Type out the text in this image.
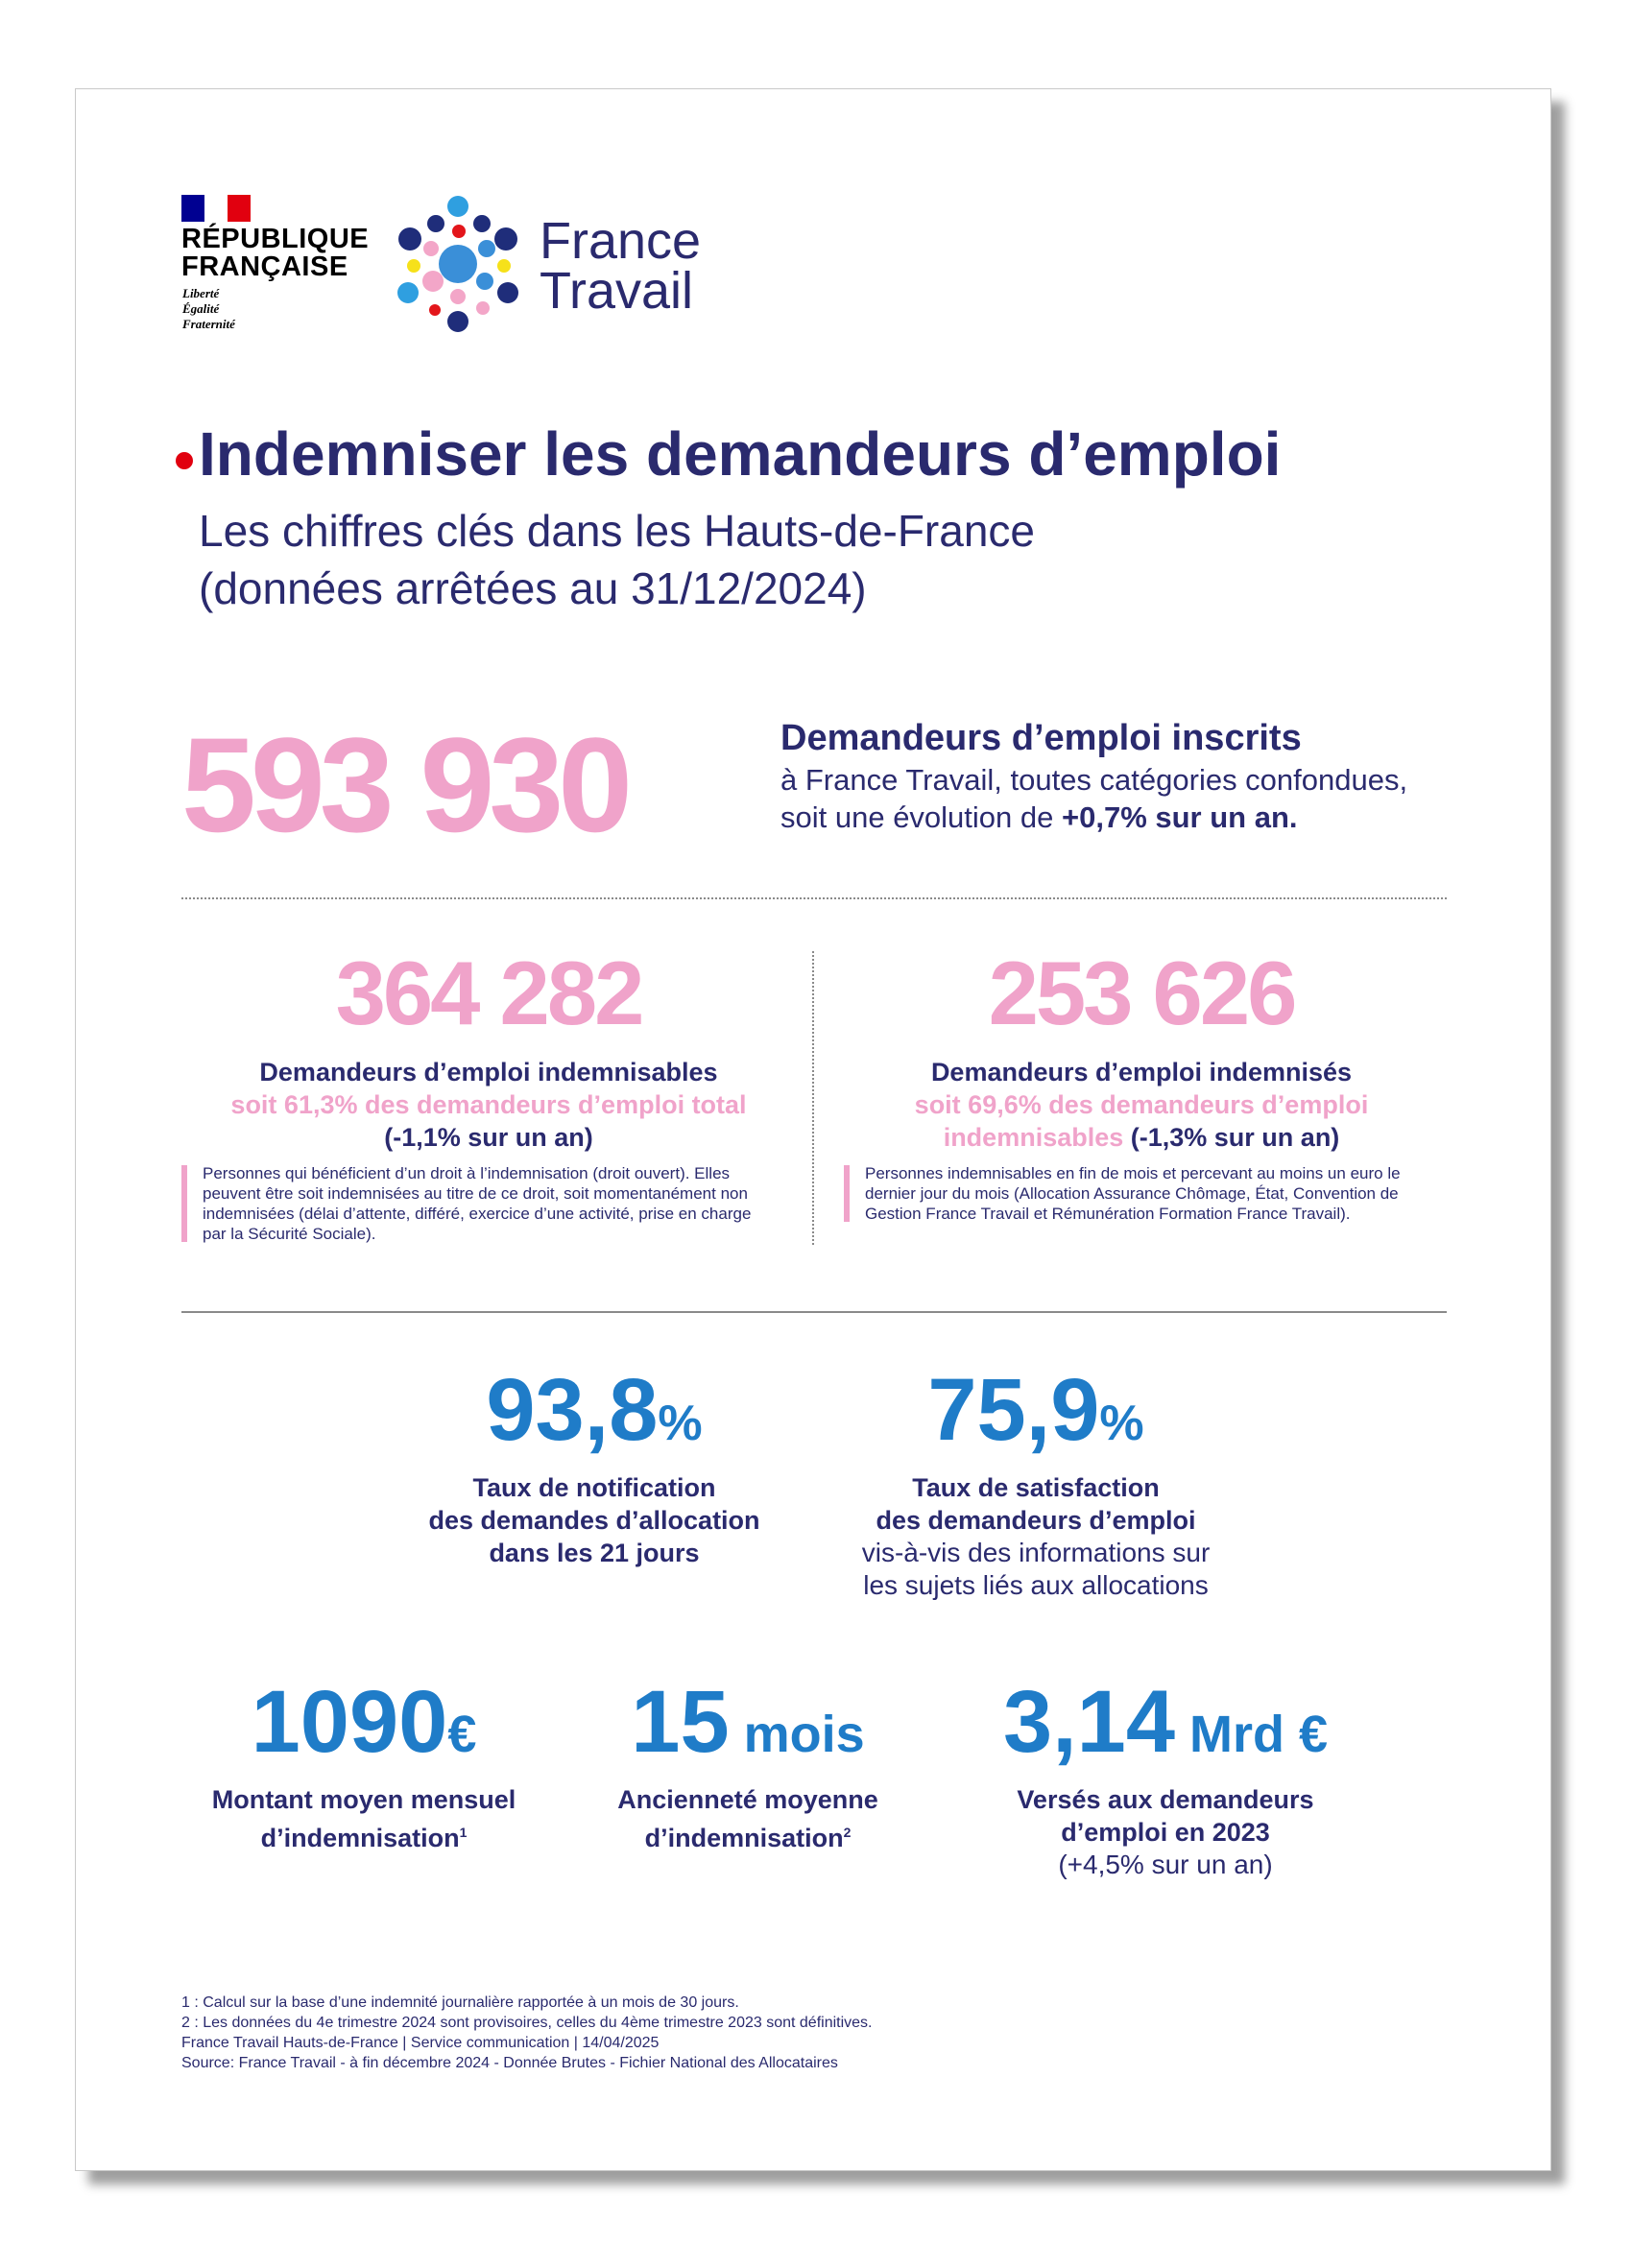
RÉPUBLIQUE
FRANÇAISE
Liberté
Égalité
Fraternité
France
Travail
Indemniser les demandeurs d’emploi
Les chiffres clés dans les Hauts-de-France
(données arrêtées au 31/12/2024)
593 930	Demandeurs d’emploi inscrits
à France Travail, toutes catégories confondues,
soit une évolution de +0,7% sur un an.
364 282
Demandeurs d’emploi indemnisables
soit 61,3% des demandeurs d’emploi total
(-1,1% sur un an)
Personnes qui bénéficient d’un droit à l’indemnisation (droit ouvert). Elles peuvent être soit indemnisées au titre de ce droit, soit momentanément non indemnisées (délai d’attente, différé, exercice d’une activité, prise en charge par la Sécurité Sociale).
253 626
Demandeurs d’emploi indemnisés
soit 69,6% des demandeurs d’emploi
indemnisables (-1,3% sur un an)
Personnes indemnisables en fin de mois et percevant au moins un euro le dernier jour du mois (Allocation Assurance Chômage, État, Convention de Gestion France Travail et Rémunération Formation France Travail).
93,8%
Taux de notification
des demandes d’allocation
dans les 21 jours
75,9%
Taux de satisfaction
des demandeurs d’emploi
vis-à-vis des informations sur
les sujets liés aux allocations
1090€
Montant moyen mensuel
d’indemnisation$^1$
15 mois
Ancienneté moyenne
d’indemnisation$^2$
3,14 Mrd €
Versés aux demandeurs
d’emploi en 2023
(+4,5% sur un an)
1 : Calcul sur la base d’une indemnité journalière rapportée à un mois de 30 jours.
2 : Les données du 4e trimestre 2024 sont provisoires, celles du 4ème trimestre 2023 sont définitives.
France Travail Hauts-de-France | Service communication | 14/04/2025
Source: France Travail - à fin décembre 2024 - Donnée Brutes - Fichier National des Allocataires
